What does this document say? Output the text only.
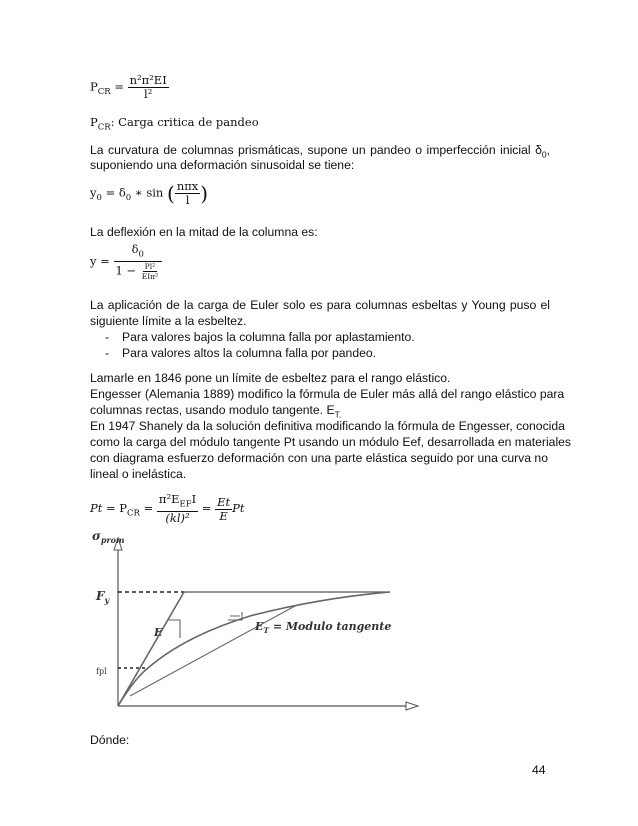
$P_{CR} = \frac{\text{n²π²EI}}{\text{l²}}$
$P_{CR}$: Carga critica de pandeo
La curvatura de columnas prismáticas, supone un pandeo o imperfección inicial $\delta_0$,
suponiendo una deformación sinusoidal se tiene:
$y_0 = \delta_0$ ∗ sin ( $\frac{\text{nπx}}{l}$ )
La deflexión en la mitad de la columna es:
$y = \frac{\delta_0}{1 - \frac{\text{Pl²}}{\text{EIπ²}}}$
La aplicación de la carga de Euler solo es para columnas esbeltas y Young puso el
siguiente límite a la esbeltez.
-	Para valores bajos la columna falla por aplastamiento.
-	Para valores altos la columna falla por pandeo.
Lamarle en 1846 pone un límite de esbeltez para el rango elástico.
Engesser (Alemania 1889) modifico la fórmula de Euler más allá del rango elástico para
columnas rectas, usando modulo tangente. $E_{T.}$
En 1947 Shanely da la solución definitiva modificando la fórmula de Engesser, conocida
como la carga del módulo tangente Pt usando un módulo Eef, desarrollada en materiales
con diagrama esfuerzo deformación con una parte elástica seguido por una curva no
lineal o inelástica.
$Pt = P_{CR} = \frac{\pi^2E_{EF}I}{\text{(kl)²}} = \frac{Et}{E}$ Pt
$\sigma_{prom}$
$F_y$
E	$E_T$ = Modulo tangente
fpl
Dónde:
44
